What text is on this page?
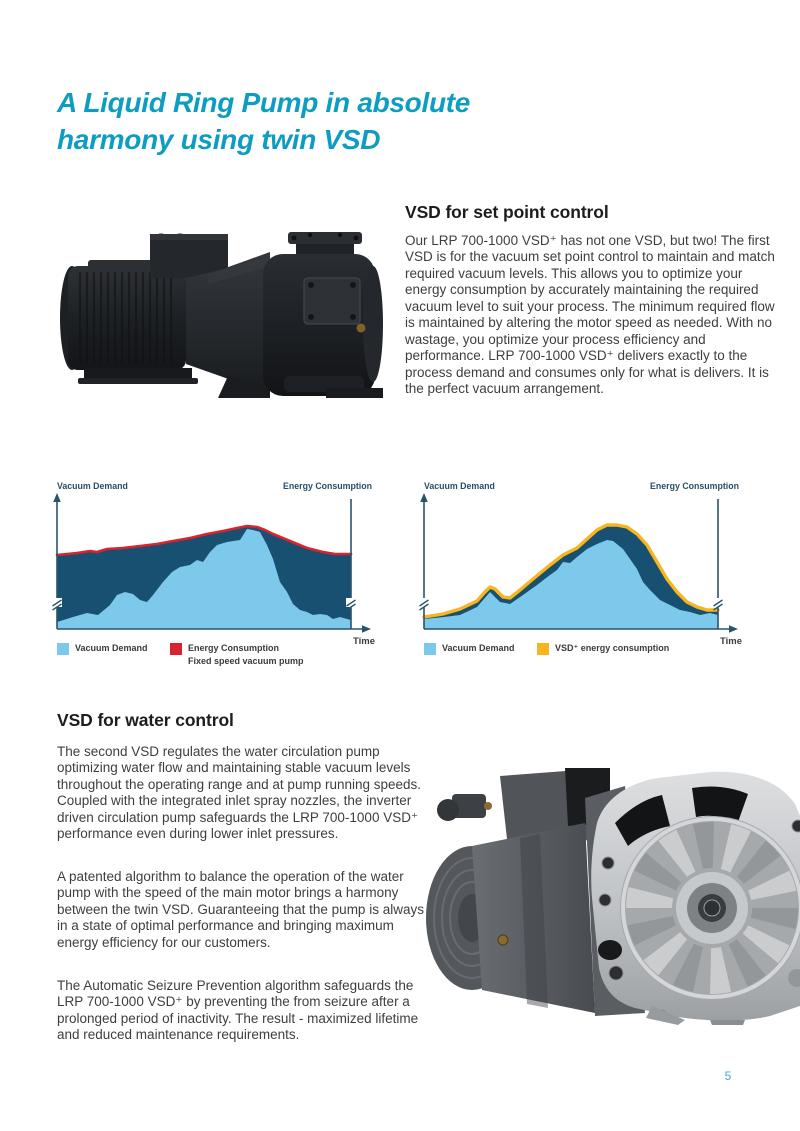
A Liquid Ring Pump in absolute
harmony using twin VSD
VSD for set point control
Our LRP 700-1000 VSD⁺ has not one VSD, but two! The first VSD is for the vacuum set point control to maintain and match required vacuum levels. This allows you to optimize your energy consumption by accurately maintaining the required vacuum level to suit your process. The minimum required flow is maintained by altering the motor speed as needed. With no wastage, you optimize your process efficiency and performance. LRP 700-1000 VSD⁺ delivers exactly to the process demand and consumes only for what is delivers. It is the perfect vacuum arrangement.
Vacuum Demand	Energy Consumption
Time
Vacuum Demand	Energy Consumption
Fixed speed vacuum pump
Vacuum Demand	Energy Consumption
Time
Vacuum Demand	VSD⁺ energy consumption
VSD for water control
The second VSD regulates the water circulation pump optimizing water flow and maintaining stable vacuum levels throughout the operating range and at pump running speeds. Coupled with the integrated inlet spray nozzles, the inverter driven circulation pump safeguards the LRP 700-1000 VSD⁺ performance even during lower inlet pressures.
A patented algorithm to balance the operation of the water pump with the speed of the main motor brings a harmony between the twin VSD. Guaranteeing that the pump is always in a state of optimal performance and bringing maximum energy efficiency for our customers.
The Automatic Seizure Prevention algorithm safeguards the LRP 700-1000 VSD⁺ by preventing the from seizure after a prolonged period of inactivity. The result - maximized lifetime and reduced maintenance requirements.
5
